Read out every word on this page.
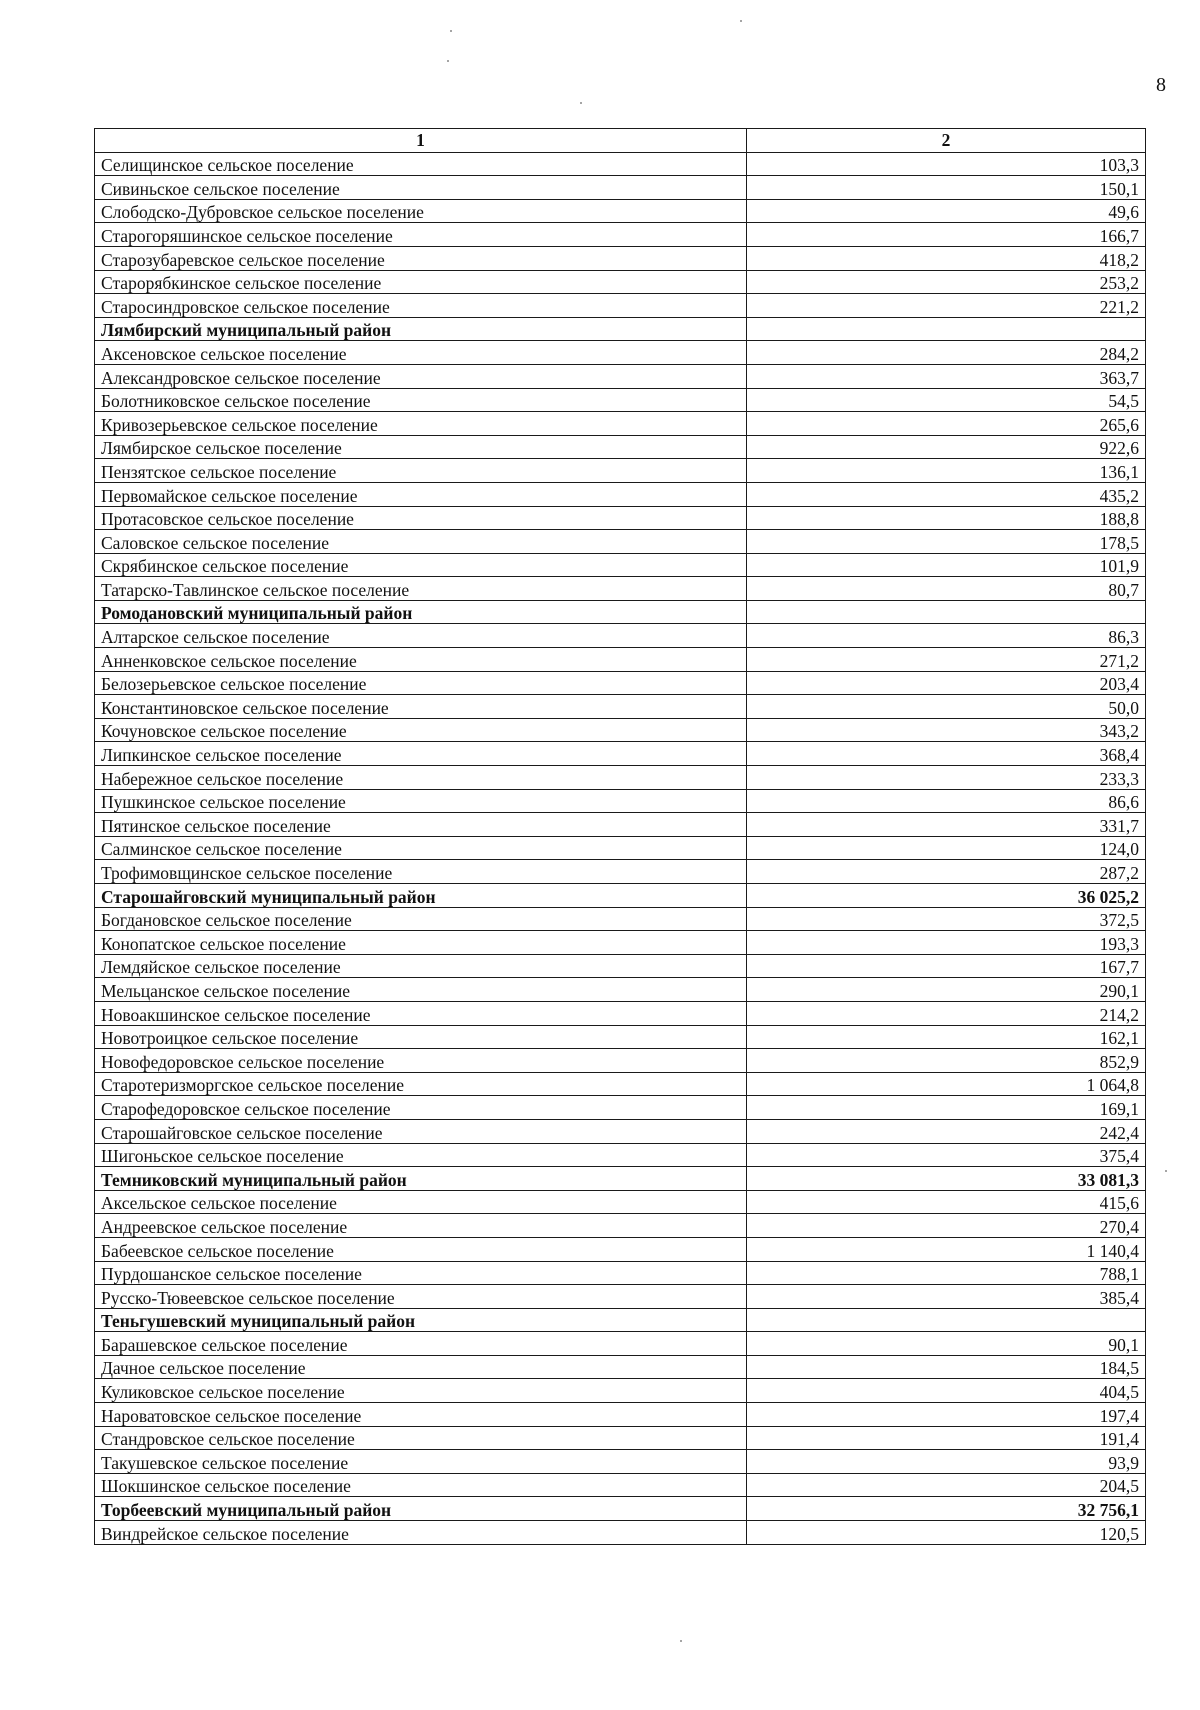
8
1	2
Селищинское сельское поселение	103,3
Сивиньское сельское поселение	150,1
Слободско-Дубровское сельское поселение	49,6
Старогоряшинское сельское поселение	166,7
Старозубаревское сельское поселение	418,2
Старорябкинское сельское поселение	253,2
Старосиндровское сельское поселение	221,2
Лямбирский муниципальный район	
Аксеновское сельское поселение	284,2
Александровское сельское поселение	363,7
Болотниковское сельское поселение	54,5
Кривозерьевское сельское поселение	265,6
Лямбирское сельское поселение	922,6
Пензятское сельское поселение	136,1
Первомайское сельское поселение	435,2
Протасовское сельское поселение	188,8
Саловское сельское поселение	178,5
Скрябинское сельское поселение	101,9
Татарско-Тавлинское сельское поселение	80,7
Ромодановский муниципальный район	
Алтарское сельское поселение	86,3
Анненковское сельское поселение	271,2
Белозерьевское сельское поселение	203,4
Константиновское сельское поселение	50,0
Кочуновское сельское поселение	343,2
Липкинское сельское поселение	368,4
Набережное сельское поселение	233,3
Пушкинское сельское поселение	86,6
Пятинское сельское поселение	331,7
Салминское сельское поселение	124,0
Трофимовщинское сельское поселение	287,2
Старошайговский муниципальный район	36 025,2
Богдановское сельское поселение	372,5
Конопатское сельское поселение	193,3
Лемдяйское сельское поселение	167,7
Мельцанское сельское поселение	290,1
Новоакшинское сельское поселение	214,2
Новотроицкое сельское поселение	162,1
Новофедоровское сельское поселение	852,9
Старотеризморгское сельское поселение	1 064,8
Старофедоровское сельское поселение	169,1
Старошайговское сельское поселение	242,4
Шигоньское сельское поселение	375,4
Темниковский муниципальный район	33 081,3
Аксельское сельское поселение	415,6
Андреевское сельское поселение	270,4
Бабеевское сельское поселение	1 140,4
Пурдошанское сельское поселение	788,1
Русско-Тювеевское сельское поселение	385,4
Теньгушевский муниципальный район	
Барашевское сельское поселение	90,1
Дачное сельское поселение	184,5
Куликовское сельское поселение	404,5
Нароватовское сельское поселение	197,4
Стандровское сельское поселение	191,4
Такушевское сельское поселение	93,9
Шокшинское сельское поселение	204,5
Торбеевский муниципальный район	32 756,1
Виндрейское сельское поселение	120,5
